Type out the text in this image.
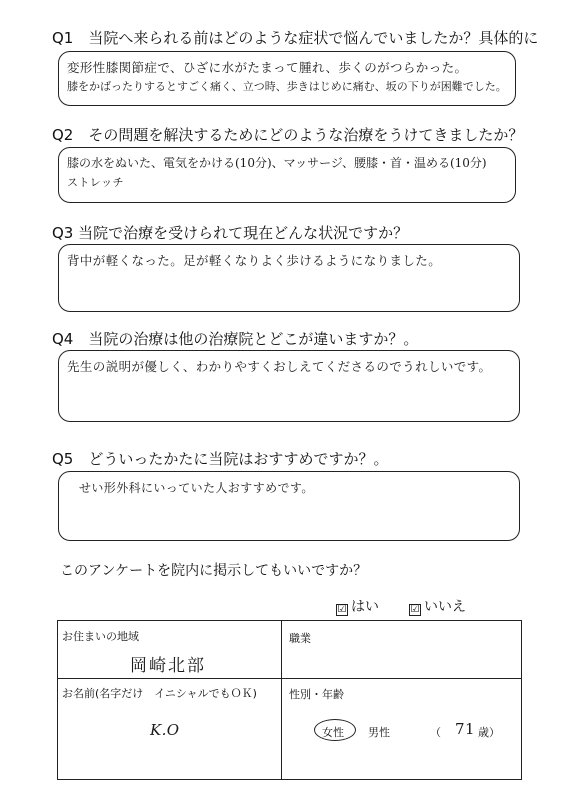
Q1　当院へ来られる前はどのような症状で悩んでいましたか？具体的に
変形性膝関節症で、ひざに水がたまって腫れ、歩くのがつらかった。
膝をかばったりするとすごく痛く、立つ時、歩きはじめに痛む、坂の下りが困難でした。
Q2　その問題を解決するためにどのような治療をうけてきましたか？
膝の水をぬいた、電気をかける(10分)、マッサージ、腰膝・首・温める(10分)
ストレッチ
Q3 当院で治療を受けられて現在どんな状況ですか？
背中が軽くなった。足が軽くなりよく歩けるようになりました。
Q4　当院の治療は他の治療院とどこが違いますか？。
先生の説明が優しく、わかりやすくおしえてくださるのでうれしいです。
Q5　どういったかたに当院はおすすめですか？。
せい形外科にいっていた人おすすめです。
このアンケートを院内に掲示してもいいですか？
☑ はい	☑ いいえ
お住まいの地域
岡崎北部
職業
お名前(名字だけ　イニシャルでもＯＫ)
K.O
性別・年齢
女性 男性	（ 71 歳）
